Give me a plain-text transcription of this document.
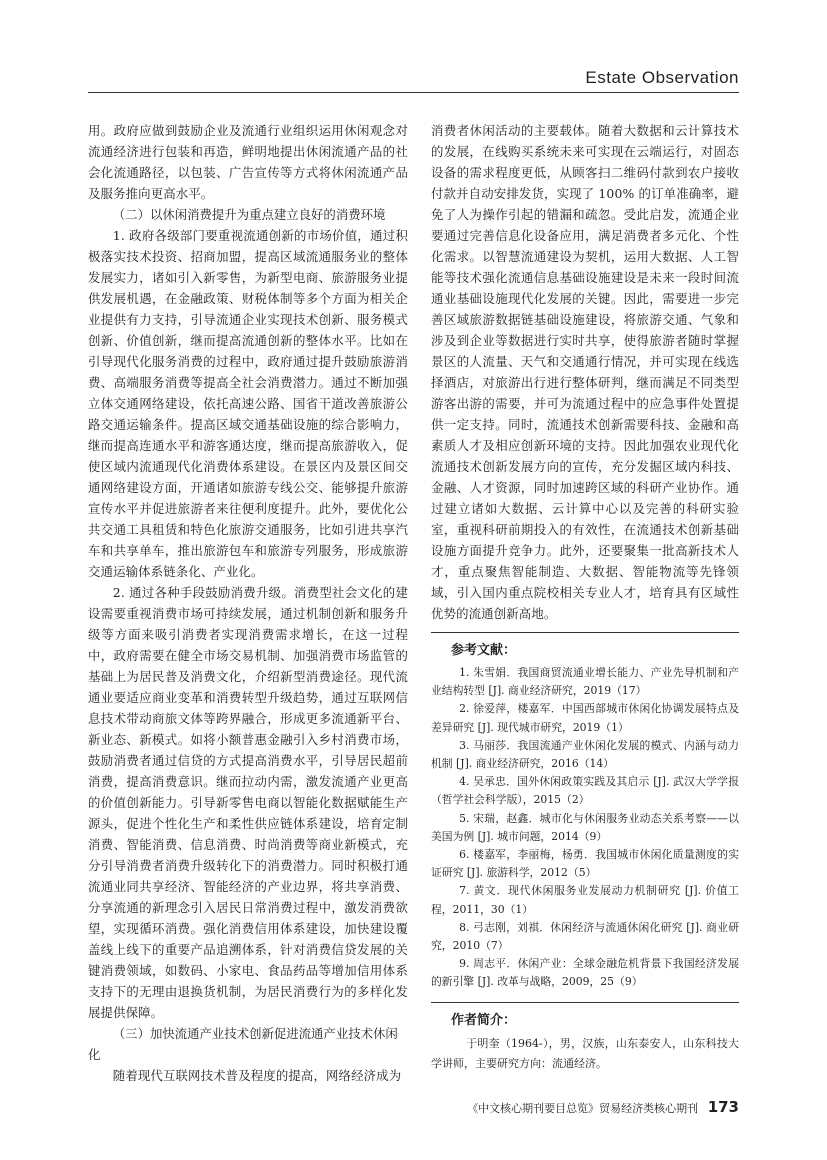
Estate Observation

用。政府应做到鼓励企业及流通行业组织运用休闲观念对流通经济进行包装和再造，鲜明地提出休闲流通产品的社会化流通路径，以包装、广告宣传等方式将休闲流通产品及服务推向更高水平。

（二）以休闲消费提升为重点建立良好的消费环境

1. 政府各级部门要重视流通创新的市场价值，通过积极落实技术投资、招商加盟，提高区域流通服务业的整体发展实力，诸如引入新零售，为新型电商、旅游服务业提供发展机遇，在金融政策、财税体制等多个方面为相关企业提供有力支持，引导流通企业实现技术创新、服务模式创新、价值创新，继而提高流通创新的整体水平。比如在引导现代化服务消费的过程中，政府通过提升鼓励旅游消费、高端服务消费等提高全社会消费潜力。通过不断加强立体交通网络建设，依托高速公路、国省干道改善旅游公路交通运输条件。提高区域交通基础设施的综合影响力，继而提高连通水平和游客通达度，继而提高旅游收入，促使区域内流通现代化消费体系建设。在景区内及景区间交通网络建设方面，开通诸如旅游专线公交、能够提升旅游宣传水平并促进旅游者来往便利度提升。此外，要优化公共交通工具租赁和特色化旅游交通服务，比如引进共享汽车和共享单车，推出旅游包车和旅游专列服务，形成旅游交通运输体系链条化、产业化。

2. 通过各种手段鼓励消费升级。消费型社会文化的建设需要重视消费市场可持续发展，通过机制创新和服务升级等方面来吸引消费者实现消费需求增长，在这一过程中，政府需要在健全市场交易机制、加强消费市场监管的基础上为居民普及消费文化，介绍新型消费途径。现代流通业要适应商业变革和消费转型升级趋势，通过互联网信息技术带动商旅文体等跨界融合，形成更多流通新平台、新业态、新模式。如将小额普惠金融引入乡村消费市场，鼓励消费者通过信贷的方式提高消费水平，引导居民超前消费，提高消费意识。继而拉动内需，激发流通产业更高的价值创新能力。引导新零售电商以智能化数据赋能生产源头，促进个性化生产和柔性供应链体系建设，培育定制消费、智能消费、信息消费、时尚消费等商业新模式，充分引导消费者消费升级转化下的消费潜力。同时积极打通流通业同共享经济、智能经济的产业边界，将共享消费、分享流通的新理念引入居民日常消费过程中，激发消费欲望，实现循环消费。强化消费信用体系建设，加快建设覆盖线上线下的重要产品追溯体系，针对消费信贷发展的关键消费领域，如数码、小家电、食品药品等增加信用体系支持下的无理由退换货机制，为居民消费行为的多样化发展提供保障。

（三）加快流通产业技术创新促进流通产业技术休闲化

随着现代互联网技术普及程度的提高，网络经济成为

消费者休闲活动的主要载体。随着大数据和云计算技术的发展，在线购买系统未来可实现在云端运行，对固态设备的需求程度更低，从顾客扫二维码付款到农户接收付款并自动安排发货，实现了 100% 的订单准确率，避免了人为操作引起的错漏和疏忽。受此启发，流通企业要通过完善信息化设备应用，满足消费者多元化、个性化需求。以智慧流通建设为契机，运用大数据、人工智能等技术强化流通信息基础设施建设是未来一段时间流通业基础设施现代化发展的关键。因此，需要进一步完善区域旅游数据链基础设施建设，将旅游交通、气象和涉及到企业等数据进行实时共享，使得旅游者随时掌握景区的人流量、天气和交通通行情况，并可实现在线选择酒店，对旅游出行进行整体研判，继而满足不同类型游客出游的需要，并可为流通过程中的应急事件处置提供一定支持。同时，流通技术创新需要科技、金融和高素质人才及相应创新环境的支持。因此加强农业现代化流通技术创新发展方向的宣传，充分发掘区域内科技、金融、人才资源，同时加速跨区域的科研产业协作。通过建立诸如大数据、云计算中心以及完善的科研实验室，重视科研前期投入的有效性，在流通技术创新基础设施方面提升竞争力。此外，还要聚集一批高新技术人才，重点聚焦智能制造、大数据、智能物流等先锋领域，引入国内重点院校相关专业人才，培育具有区域性优势的流通创新高地。

参考文献：

1. 朱雪娟．我国商贸流通业增长能力、产业先导机制和产业结构转型 [J]. 商业经济研究，2019（17）

2. 徐爱萍，楼嘉军．中国西部城市休闲化协调发展特点及差异研究 [J]. 现代城市研究，2019（1）

3. 马丽莎．我国流通产业休闲化发展的模式、内涵与动力机制 [J]. 商业经济研究，2016（14）

4. 吴承忠．国外休闲政策实践及其启示 [J]. 武汉大学学报（哲学社会科学版），2015（2）

5. 宋瑞，赵鑫．城市化与休闲服务业动态关系考察——以美国为例 [J]. 城市问题，2014（9）

6. 楼嘉军，李丽梅，杨勇．我国城市休闲化质量测度的实证研究 [J]. 旅游科学，2012（5）

7. 黄文．现代休闲服务业发展动力机制研究 [J]. 价值工程，2011，30（1）

8. 弓志刚，刘祺．休闲经济与流通休闲化研究 [J]. 商业研究，2010（7）

9. 周志平．休闲产业：全球金融危机背景下我国经济发展的新引擎 [J]. 改革与战略，2009，25（9）

作者简介：

于明奎（1964-），男，汉族，山东泰安人，山东科技大学讲师，主要研究方向：流通经济。

《中文核心期刊要目总览》贸易经济类核心期刊 173
